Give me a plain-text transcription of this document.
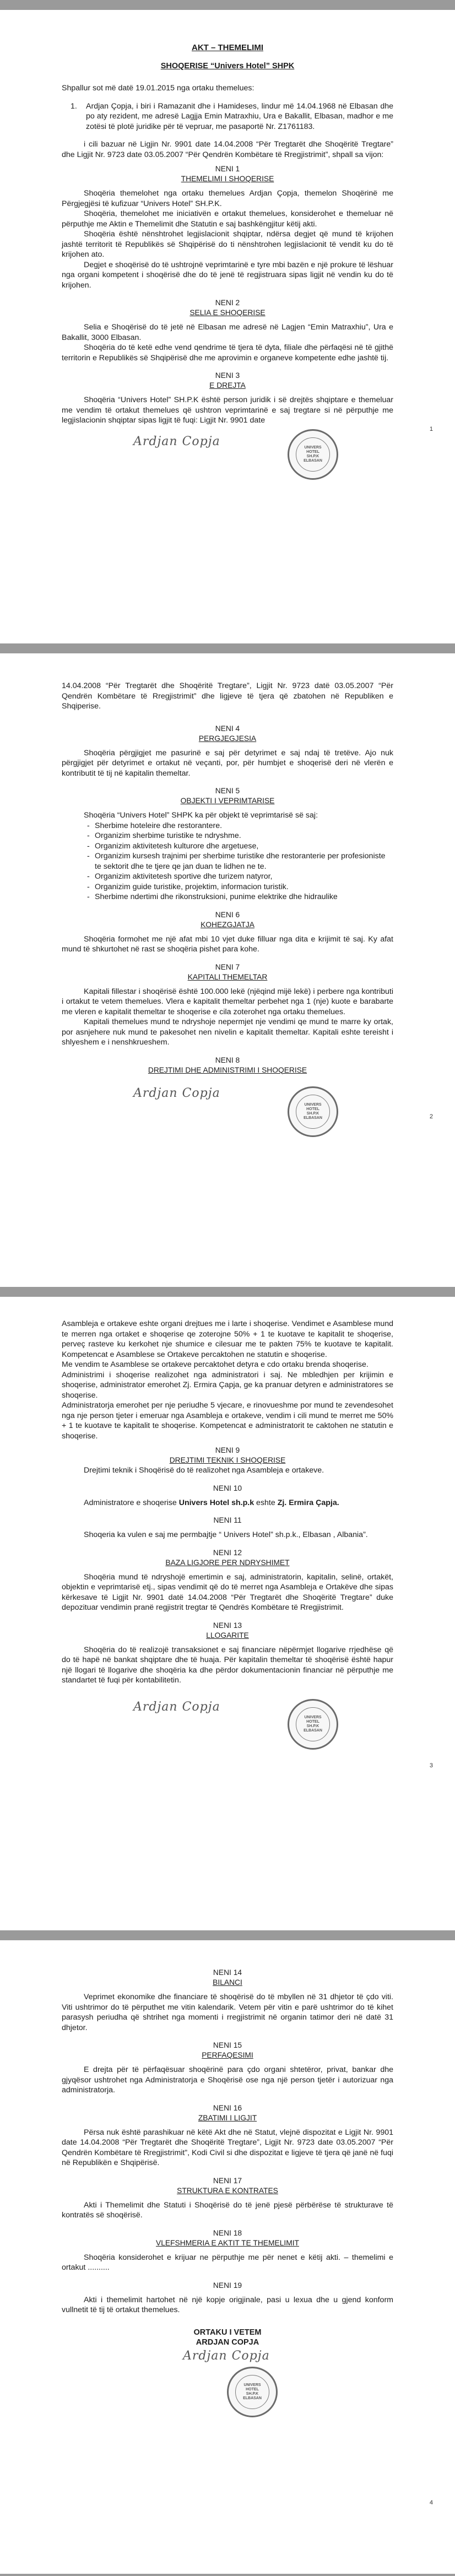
AKT – THEMELIMI
SHOQERISE “Univers Hotel” SHPK
Shpallur sot më datë 19.01.2015 nga ortaku themelues:
1.	Ardjan Çopja, i biri i Ramazanit dhe i Hamideses, lindur më 14.04.1968 në Elbasan dhe po aty rezident, me adresë Lagjja Emin Matraxhiu, Ura e Bakallit, Elbasan, madhor e me zotësi të plotë juridike për të vepruar, me pasaportë Nr. Z1761183.
i cili bazuar në Ligjin Nr. 9901 date 14.04.2008 “Për Tregtarët dhe Shoqëritë Tregtare” dhe Ligjit Nr. 9723 date 03.05.2007 “Për Qendrën Kombëtare të Rregjistrimit”, shpall sa vijon:
NENI 1
THEMELIMI I SHOQERISE
Shoqëria themelohet nga ortaku themelues Ardjan Çopja, themelon Shoqërinë me Përgjegjësi të kufizuar “Univers Hotel” SH.P.K.
Shoqëria, themelohet me iniciativën e ortakut themelues, konsiderohet e themeluar në përputhje me Aktin e Themelimit dhe Statutin e saj bashkëngjitur këtij akti.
Shoqëria është nënshtrohet legjislacionit shqiptar, ndërsa degjet që mund të krijohen jashtë territorit të Republikës së Shqipërisë do ti nënshtrohen legjislacionit të vendit ku do të krijohen ato.
Degjet e shoqërisë do të ushtrojnë veprimtarinë e tyre mbi bazën e një prokure të lëshuar nga organi kompetent i shoqërisë dhe do të jenë të regjistruara sipas ligjit në vendin ku do të krijohen.
NENI 2
SELIA E SHOQERISE
Selia e Shoqërisë do të jetë në Elbasan me adresë në Lagjen “Emin Matraxhiu”, Ura e Bakallit, 3000 Elbasan.
Shoqëria do të ketë edhe vend qendrime të tjera të dyta, filiale dhe përfaqësi në të gjithë territorin e Republikës së Shqipërisë dhe me aprovimin e organeve kompetente edhe jashtë tij.
NENI 3
E DREJTA
Shoqëria “Univers Hotel” SH.P.K është person juridik i së drejtës shqiptare e themeluar me vendim të ortakut themelues që ushtron veprimtarinë e saj tregtare si në përputhje me legjislacionin shqiptar sipas ligjit të fuqi: Ligjit Nr. 9901 date
Ardjan Copja	UNIVERS
HOTEL
SH.P.K
ELBASAN
1
14.04.2008 “Për Tregtarët dhe Shoqëritë Tregtare”, Ligjit Nr. 9723 datë 03.05.2007 “Për Qendrën Kombëtare të Rregjistrimit” dhe ligjeve të tjera që zbatohen në Republiken e Shqiperise.
NENI 4
PERGJEGJESIA
Shoqëria përgjigjet me pasurinë e saj për detyrimet e saj ndaj të tretëve. Ajo nuk përgjigjet për detyrimet e ortakut në veçanti, por, për humbjet e shoqerisë deri në vlerën e kontributit të tij në kapitalin themeltar.
NENI 5
OBJEKTI I VEPRIMTARISE
Shoqëria “Univers Hotel” SHPK ka për objekt të veprimtarisë së saj:
- Sherbime hoteleire dhe restorantere.
- Organizim sherbime turistike te ndryshme.
- Organizim aktivitetesh kulturore dhe argetuese,
- Organizim kursesh trajnimi per sherbime turistike dhe restoranterie per profesioniste te sektorit dhe te tjere qe jan duan te lidhen ne te.
- Organizim aktivitetesh sportive dhe turizem natyror,
- Organizim guide turistike, projektim, informacion turistik.
- Sherbime ndertimi dhe rikonstruksioni, punime elektrike dhe hidraulike
NENI 6
KOHEZGJATJA
Shoqëria formohet me një afat mbi 10 vjet duke filluar nga dita e krijimit të saj. Ky afat mund të shkurtohet në rast se shoqëria pishet para kohe.
NENI 7
KAPITALI THEMELTAR
Kapitali fillestar i shoqërisë është 100.000 lekë (njëqind mijë lekë) i perbere nga kontributi i ortakut te vetem themelues. Vlera e kapitalit themeltar perbehet nga 1 (nje) kuote e barabarte me vleren e kapitalit themeltar te shoqerise e cila zoterohet nga ortaku themelues.
Kapitali themelues mund te ndryshoje nepermjet nje vendimi qe mund te marre ky ortak, por asnjehere nuk mund te pakesohet nen nivelin e kapitalit themeltar. Kapitali eshte tereisht i shlyeshem e i nenshkrueshem.
NENI 8
DREJTIMI DHE ADMINISTRIMI I SHOQERISE
Ardjan Copja
UNIVERS
HOTEL
SH.P.K
ELBASAN	2
Asambleja e ortakeve eshte organi drejtues me i larte i shoqerise. Vendimet e Asamblese mund te merren nga ortaket e shoqerise qe zoterojne 50% + 1 te kuotave te kapitalit te shoqerise, perveç rasteve ku kerkohet nje shumice e cilesuar me te pakten 75% te kuotave te kapitalit. Kompetencat e Asamblese se Ortakeve percaktohen ne statutin e shoqerise.
Me vendim te Asamblese se ortakeve percaktohet detyra e cdo ortaku brenda shoqerise.
Administrimi i shoqerise realizohet nga administratori i saj. Ne mbledhjen per krijimin e shoqerise, administrator emerohet Zj. Ermira Çapja, ge ka pranuar detyren e administratores se shoqerise.
Administratorja emerohet per nje periudhe 5 vjecare, e rinovueshme por mund te zevendesohet nga nje person tjeter i emeruar nga Asambleja e ortakeve, vendim i cili mund te merret me 50% + 1 te kuotave te kapitalit te shoqerise. Kompetencat e administratorit te caktohen ne statutin e shoqerise.
NENI 9
DREJTIMI TEKNIK I SHOQERISE
Drejtimi teknik i Shoqërisë do të realizohet nga Asambleja e ortakeve.
NENI 10
Administratore e shoqerise Univers Hotel sh.p.k eshte Zj. Ermira Çapja.
NENI 11
Shoqeria ka vulen e saj me permbajtje “ Univers Hotel” sh.p.k., Elbasan , Albania”.
NENI 12
BAZA LIGJORE PER NDRYSHIMET
Shoqëria mund të ndryshojë emertimin e saj, administratorin, kapitalin, selinë, ortakët, objektin e veprimtarisë etj., sipas vendimit që do të merret nga Asambleja e Ortakëve dhe sipas kërkesave të Ligjit Nr. 9901 datë 14.04.2008 “Për Tregtarët dhe Shoqëritë Tregtare” duke depozituar vendimin pranë regjistrit tregtar të Qendrës Kombëtare të Rregjistrimit.
NENI 13
LLOGARITE
Shoqëria do të realizojë transaksionet e saj financiare nëpërmjet llogarive rrjedhëse që do të hapë në bankat shqiptare dhe të huaja. Për kapitalin themeltar të shoqërisë është hapur një llogari të llogarive dhe shoqëria ka dhe përdor dokumentacionin financiar në përputhje me standartet të fuqi për kontabilitetin.
Ardjan Copja
UNIVERS
HOTEL
SH.P.K
ELBASAN
3
NENI 14
BILANCI
Veprimet ekonomike dhe financiare të shoqërisë do të mbyllen në 31 dhjetor të çdo viti. Viti ushtrimor do të përputhet me vitin kalendarik. Vetem për vitin e parë ushtrimor do të kihet parasysh periudha që shtrihet nga momenti i rregjistrimit në organin tatimor deri në datë 31 dhjetor.
NENI 15
PERFAQESIMI
E drejta për të përfaqësuar shoqërinë para çdo organi shtetëror, privat, bankar dhe gjyqësor ushtrohet nga Administratorja e Shoqërisë ose nga një person tjetër i autorizuar nga administratorja.
NENI 16
ZBATIMI I LIGJIT
Përsa nuk është parashikuar në këtë Akt dhe në Statut, vlejnë dispozitat e Ligjit Nr. 9901 date 14.04.2008 “Për Tregtarët dhe Shoqëritë Tregtare”, Ligjit Nr. 9723 date 03.05.2007 “Për Qendrën Kombëtare të Rregjistrimit”, Kodi Civil si dhe dispozitat e ligjeve të tjera që janë në fuqi në Republikën e Shqipërisë.
NENI 17
STRUKTURA E KONTRATES
Akti i Themelimit dhe Statuti i Shoqërisë do të jenë pjesë përbërëse të strukturave të kontratës së shoqërisë.
NENI 18
VLEFSHMERIA E AKTIT TE THEMELIMIT
Shoqëria konsiderohet e krijuar ne përputhje me për nenet e këtij akti. – themelimi e ortakut ..........
NENI 19
Akti i themelimit hartohet në një kopje origjinale, pasi u lexua dhe u gjend konform vullnetit të tij të ortakut themelues.
ORTAKU I VETEM
ARDJAN COPJA
Ardjan Copja
UNIVERS
HOTEL
SH.P.K
ELBASAN
4
